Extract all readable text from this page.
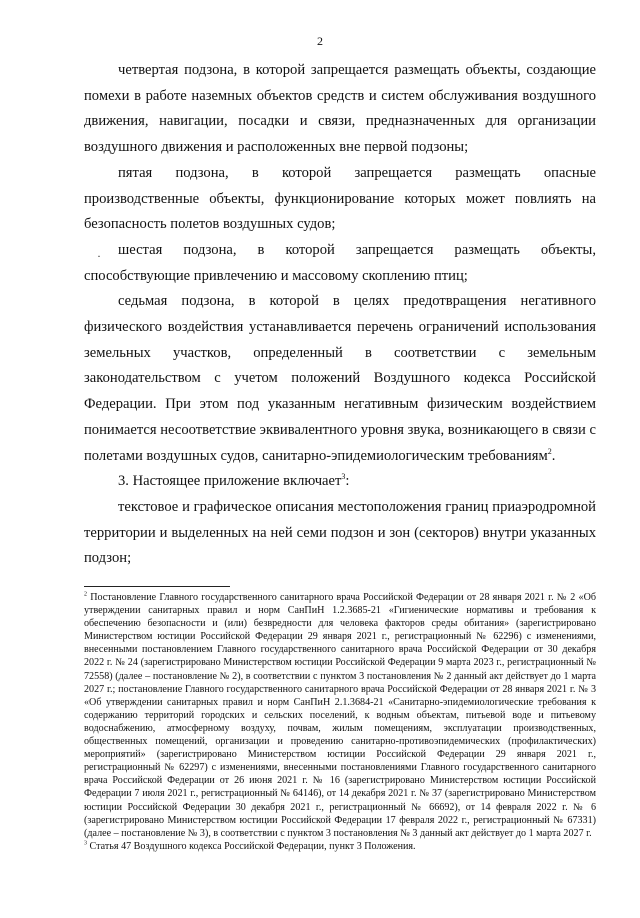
2
·

четвертая подзона, в которой запрещается размещать объекты, создающие помехи в работе наземных объектов средств и систем обслуживания воздушного движения, навигации, посадки и связи, предназначенных для организации воздушного движения и расположенных вне первой подзоны;

пятая подзона, в которой запрещается размещать опасные производственные объекты, функционирование которых может повлиять на безопасность полетов воздушных судов;

шестая подзона, в которой запрещается размещать объекты, способствующие привлечению и массовому скоплению птиц;

седьмая подзона, в которой в целях предотвращения негативного физического воздействия устанавливается перечень ограничений использования земельных участков, определенный в соответствии с земельным законодательством с учетом положений Воздушного кодекса Российской Федерации. При этом под указанным негативным физическим воздействием понимается несоответствие эквивалентного уровня звука, возникающего в связи с полетами воздушных судов, санитарно-эпидемиологическим требованиям$^2$.

3. Настоящее приложение включает$^3$:

текстовое и графическое описания местоположения границ приаэродромной территории и выделенных на ней семи подзон и зон (секторов) внутри указанных подзон;

$^2$ Постановление Главного государственного санитарного врача Российской Федерации от 28 января 2021 г. № 2 «Об утверждении санитарных правил и норм СанПиН 1.2.3685-21 «Гигиенические нормативы и требования к обеспечению безопасности и (или) безвредности для человека факторов среды обитания» (зарегистрировано Министерством юстиции Российской Федерации 29 января 2021 г., регистрационный № 62296) с изменениями, внесенными постановлением Главного государственного санитарного врача Российской Федерации от 30 декабря 2022 г. № 24 (зарегистрировано Министерством юстиции Российской Федерации 9 марта 2023 г., регистрационный № 72558) (далее – постановление № 2), в соответствии с пунктом 3 постановления № 2 данный акт действует до 1 марта 2027 г.; постановление Главного государственного санитарного врача Российской Федерации от 28 января 2021 г. № 3 «Об утверждении санитарных правил и норм СанПиН 2.1.3684-21 «Санитарно-эпидемиологические требования к содержанию территорий городских и сельских поселений, к водным объектам, питьевой воде и питьевому водоснабжению, атмосферному воздуху, почвам, жилым помещениям, эксплуатации производственных, общественных помещений, организации и проведению санитарно-противоэпидемических (профилактических) мероприятий» (зарегистрировано Министерством юстиции Российской Федерации 29 января 2021 г., регистрационный № 62297) с изменениями, внесенными постановлениями Главного государственного санитарного врача Российской Федерации от 26 июня 2021 г. № 16 (зарегистрировано Министерством юстиции Российской Федерации 7 июля 2021 г., регистрационный № 64146), от 14 декабря 2021 г. № 37 (зарегистрировано Министерством юстиции Российской Федерации 30 декабря 2021 г., регистрационный № 66692), от 14 февраля 2022 г. № 6 (зарегистрировано Министерством юстиции Российской Федерации 17 февраля 2022 г., регистрационный № 67331) (далее – постановление № 3), в соответствии с пунктом 3 постановления № 3 данный акт действует до 1 марта 2027 г.

$^3$ Статья 47 Воздушного кодекса Российской Федерации, пункт 3 Положения.
